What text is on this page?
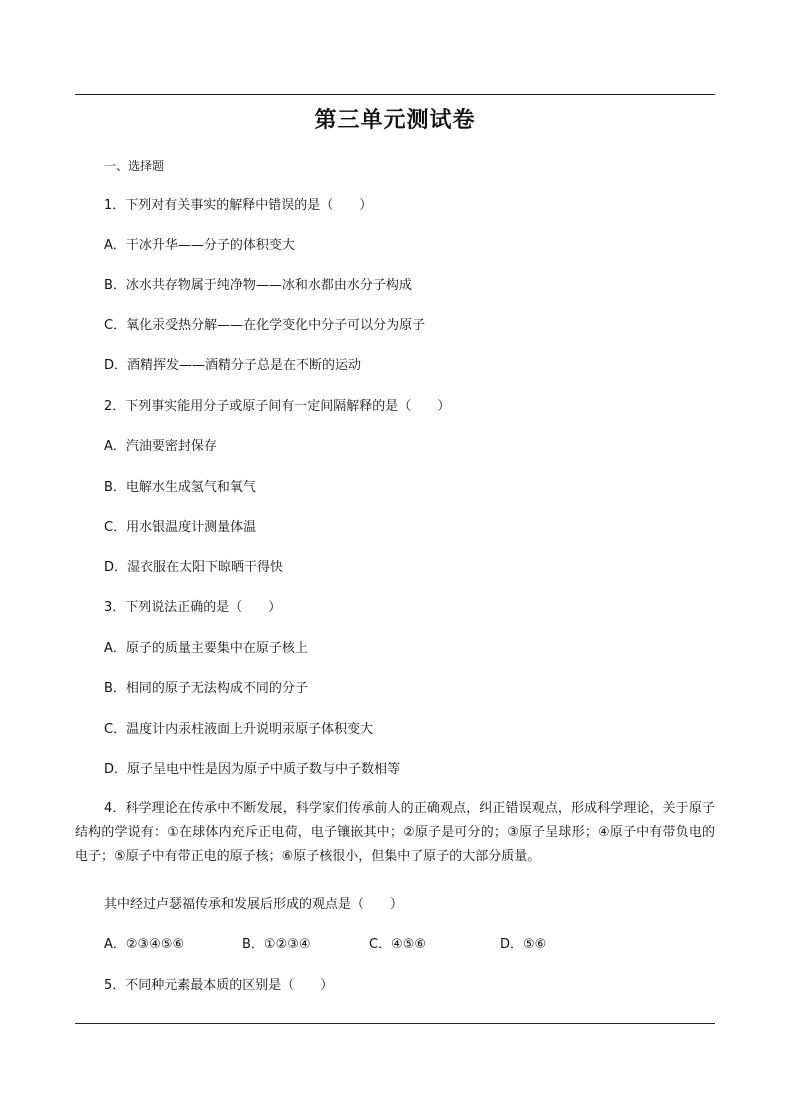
第三单元测试卷
一、选择题
1．下列对有关事实的解释中错误的是（　　）
A．干冰升华——分子的体积变大
B．冰水共存物属于纯净物——冰和水都由水分子构成
C．氧化汞受热分解——在化学变化中分子可以分为原子
D．酒精挥发——酒精分子总是在不断的运动
2．下列事实能用分子或原子间有一定间隔解释的是（　　）
A．汽油要密封保存
B．电解水生成氢气和氧气
C．用水银温度计测量体温
D．湿衣服在太阳下晾晒干得快
3．下列说法正确的是（　　）
A．原子的质量主要集中在原子核上
B．相同的原子无法构成不同的分子
C．温度计内汞柱液面上升说明汞原子体积变大
D．原子呈电中性是因为原子中质子数与中子数相等
4．科学理论在传承中不断发展，科学家们传承前人的正确观点，纠正错误观点，形成科学理论，关于原子结构的学说有：①在球体内充斥正电荷，电子镶嵌其中；②原子是可分的；③原子呈球形；④原子中有带负电的电子；⑤原子中有带正电的原子核；⑥原子核很小，但集中了原子的大部分质量。
其中经过卢瑟福传承和发展后形成的观点是（　　）
A．②③④⑤⑥	B．①②③④	C．④⑤⑥	D．⑤⑥
5．不同种元素最本质的区别是（　　）
